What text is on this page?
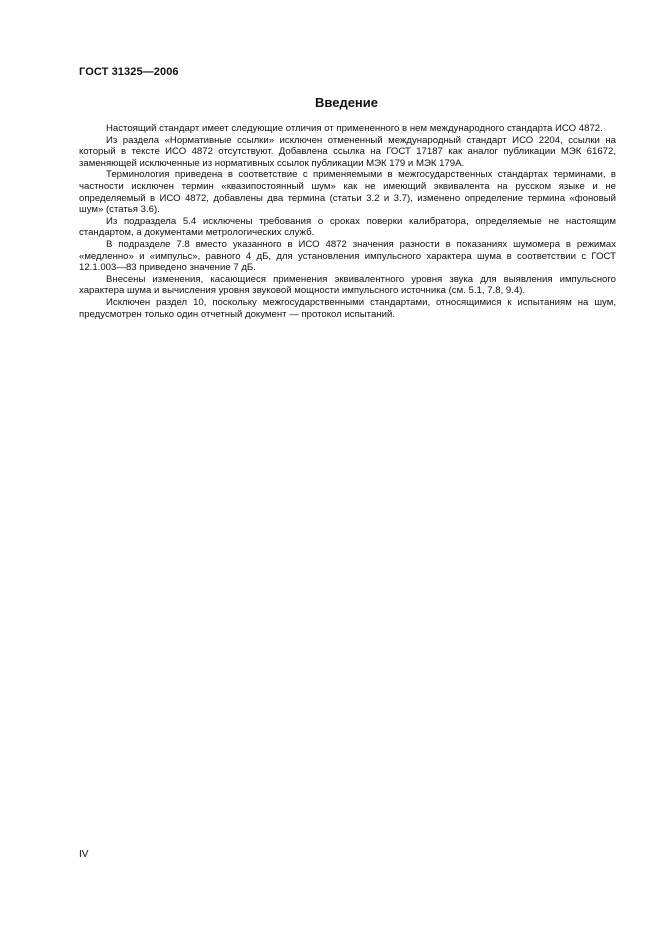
ГОСТ 31325—2006
Введение

Настоящий стандарт имеет следующие отличия от примененного в нем международного стандарта ИСО 4872.

Из раздела «Нормативные ссылки» исключен отмененный международный стандарт ИСО 2204, ссылки на который в тексте ИСО 4872 отсутствуют. Добавлена ссылка на ГОСТ 17187 как аналог публикации МЭК 61672, заменяющей исключенные из нормативных ссылок публикации МЭК 179 и МЭК 179А.

Терминология приведена в соответствие с применяемыми в межгосударственных стандартах терминами, в частности исключен термин «квазипостоянный шум» как не имеющий эквивалента на русском языке и не определяемый в ИСО 4872, добавлены два термина (статьи 3.2 и 3.7), изменено определение термина «фоновый шум» (статья 3.6).

Из подраздела 5.4 исключены требования о сроках поверки калибратора, определяемые не настоящим стандартом, а документами метрологических служб.

В подразделе 7.8 вместо указанного в ИСО 4872 значения разности в показаниях шумомера в режимах «медленно» и «импульс», равного 4 дБ, для установления импульсного характера шума в соответствии с ГОСТ 12.1.003—83 приведено значение 7 дБ.

Внесены изменения, касающиеся применения эквивалентного уровня звука для выявления импульсного характера шума и вычисления уровня звуковой мощности импульсного источника (см. 5.1, 7.8, 9.4).

Исключен раздел 10, поскольку межгосударственными стандартами, относящимися к испытаниям на шум, предусмотрен только один отчетный документ — протокол испытаний.

IV
